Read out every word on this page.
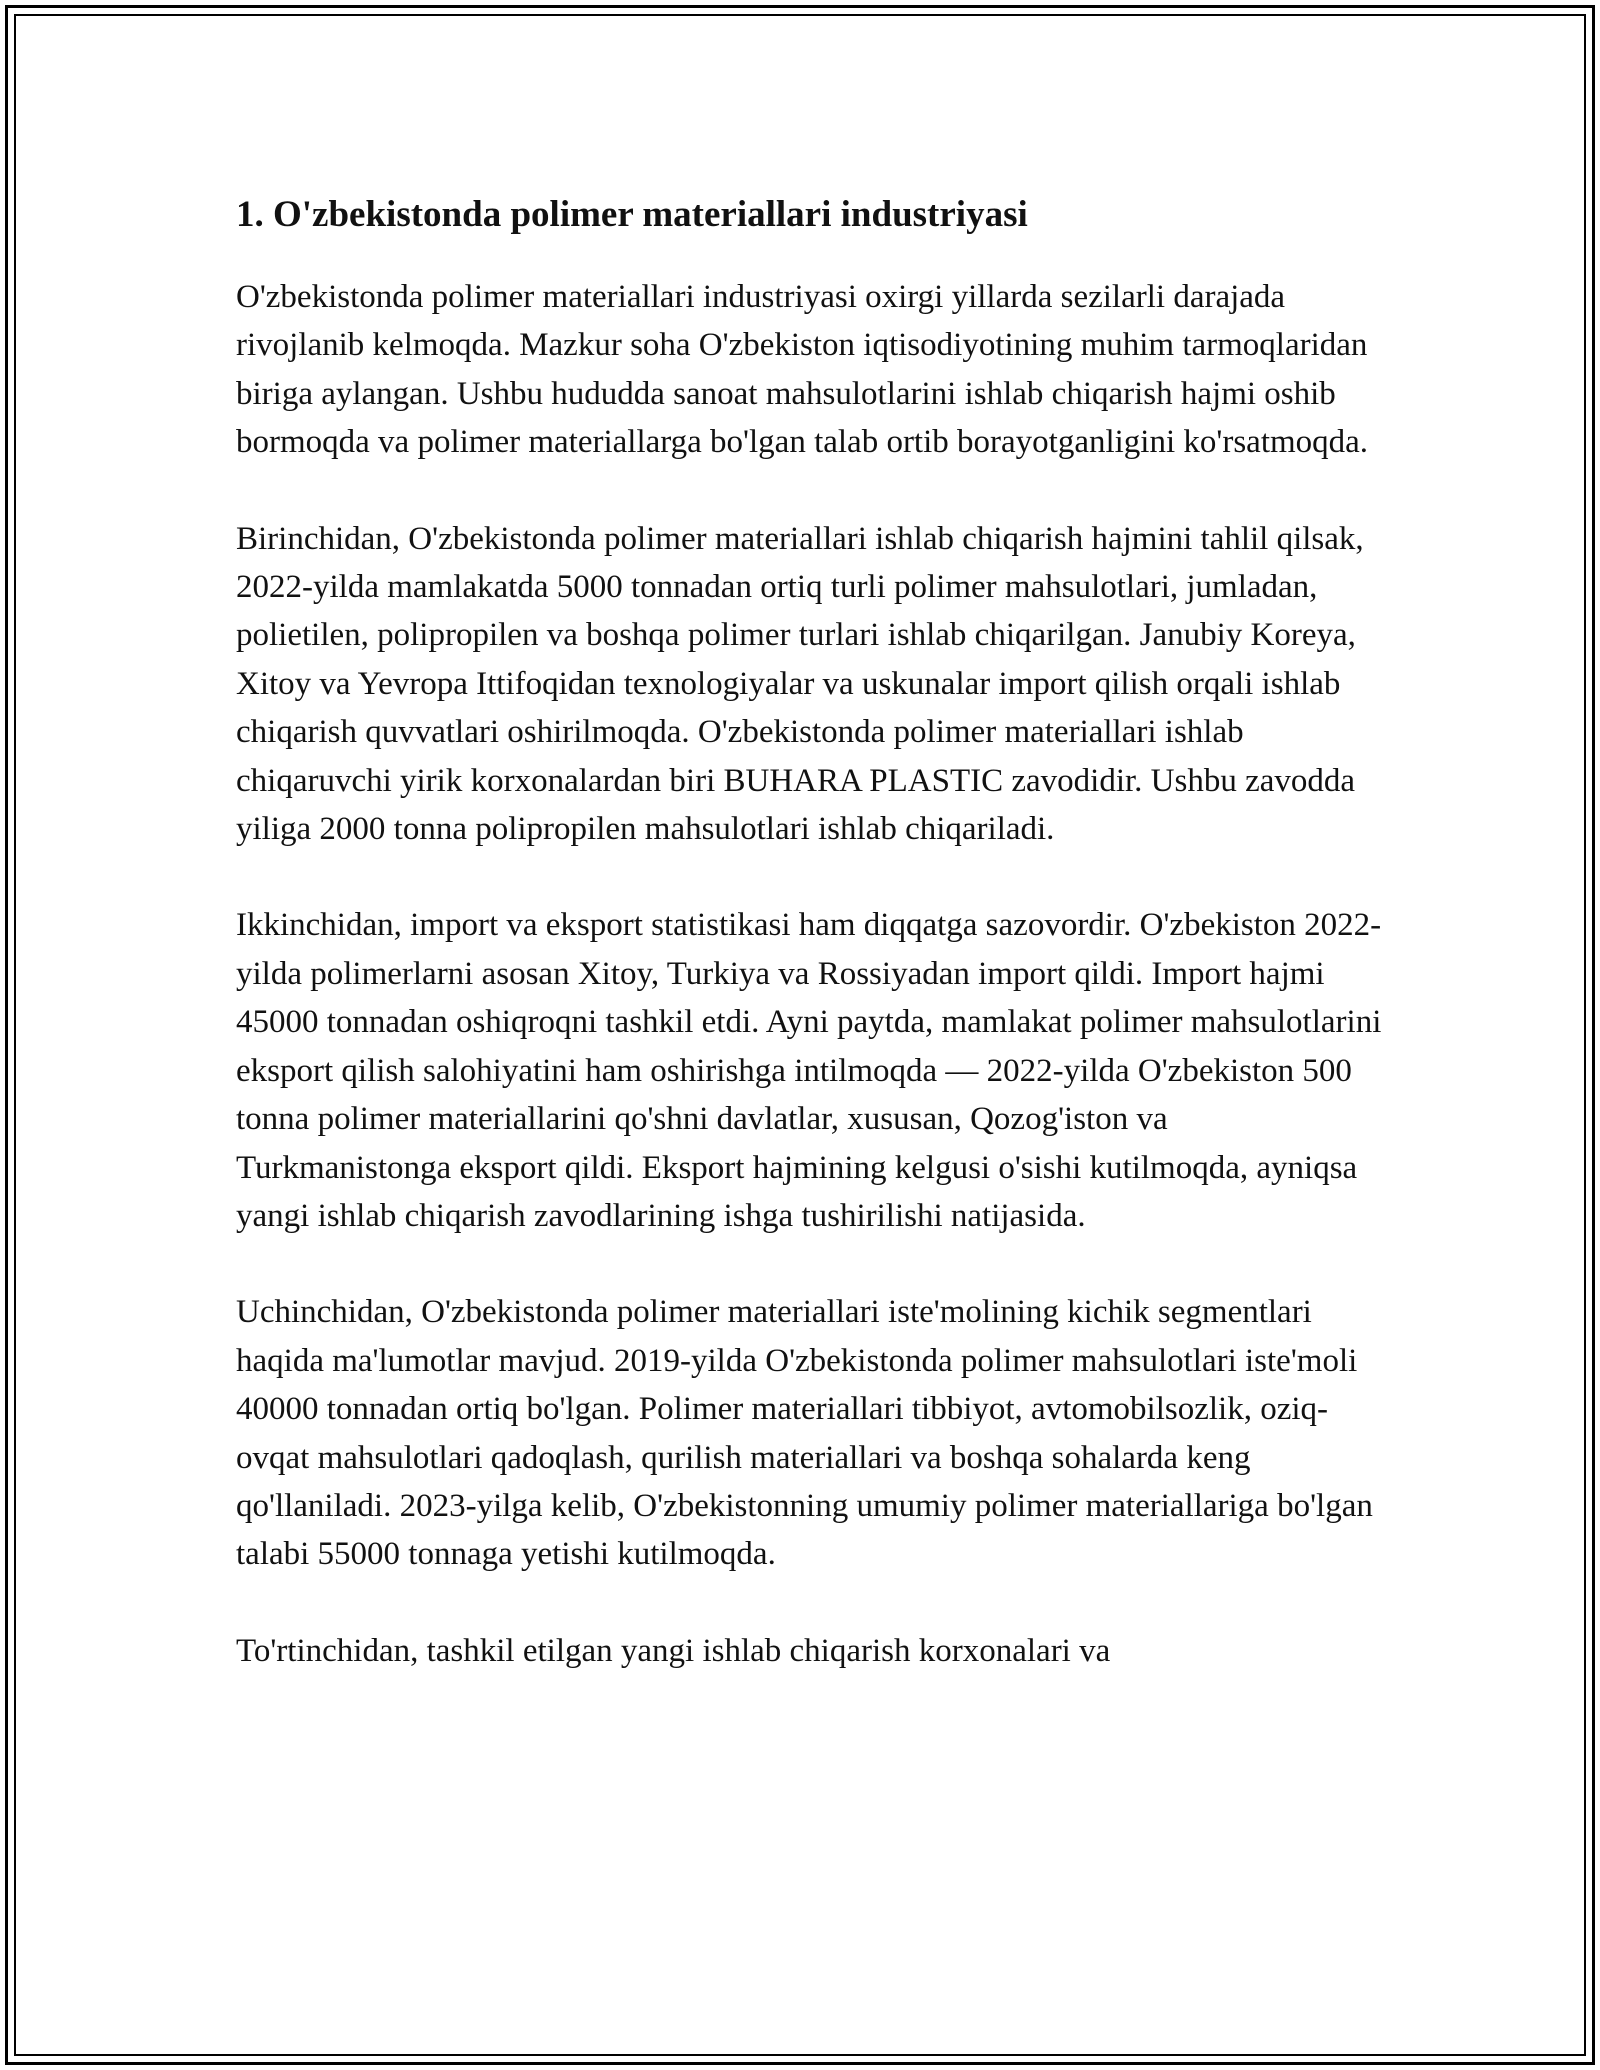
1. O'zbekistonda polimer materiallari industriyasi

O'zbekistonda polimer materiallari industriyasi oxirgi yillarda sezilarli darajada rivojlanib kelmoqda. Mazkur soha O'zbekiston iqtisodiyotining muhim tarmoqlaridan biriga aylangan. Ushbu hududda sanoat mahsulotlarini ishlab chiqarish hajmi oshib bormoqda va polimer materiallarga bo'lgan talab ortib borayotganligini ko'rsatmoqda.

Birinchidan, O'zbekistonda polimer materiallari ishlab chiqarish hajmini tahlil qilsak, 2022-yilda mamlakatda 5000 tonnadan ortiq turli polimer mahsulotlari, jumladan, polietilen, polipropilen va boshqa polimer turlari ishlab chiqarilgan. Janubiy Koreya, Xitoy va Yevropa Ittifoqidan texnologiyalar va uskunalar import qilish orqali ishlab chiqarish quvvatlari oshirilmoqda. O'zbekistonda polimer materiallari ishlab chiqaruvchi yirik korxonalardan biri BUHARA PLASTIC zavodidir. Ushbu zavodda yiliga 2000 tonna polipropilen mahsulotlari ishlab chiqariladi.

Ikkinchidan, import va eksport statistikasi ham diqqatga sazovordir. O'zbekiston 2022-yilda polimerlarni asosan Xitoy, Turkiya va Rossiyadan import qildi. Import hajmi 45000 tonnadan oshiqroqni tashkil etdi. Ayni paytda, mamlakat polimer mahsulotlarini eksport qilish salohiyatini ham oshirishga intilmoqda — 2022-yilda O'zbekiston 500 tonna polimer materiallarini qo'shni davlatlar, xususan, Qozog'iston va Turkmanistonga eksport qildi. Eksport hajmining kelgusi o'sishi kutilmoqda, ayniqsa yangi ishlab chiqarish zavodlarining ishga tushirilishi natijasida.

Uchinchidan, O'zbekistonda polimer materiallari iste'molining kichik segmentlari haqida ma'lumotlar mavjud. 2019-yilda O'zbekistonda polimer mahsulotlari iste'moli 40000 tonnadan ortiq bo'lgan. Polimer materiallari tibbiyot, avtomobilsozlik, oziq-ovqat mahsulotlari qadoqlash, qurilish materiallari va boshqa sohalarda keng qo'llaniladi. 2023-yilga kelib, O'zbekistonning umumiy polimer materiallariga bo'lgan talabi 55000 tonnaga yetishi kutilmoqda.

To'rtinchidan, tashkil etilgan yangi ishlab chiqarish korxonalari va
